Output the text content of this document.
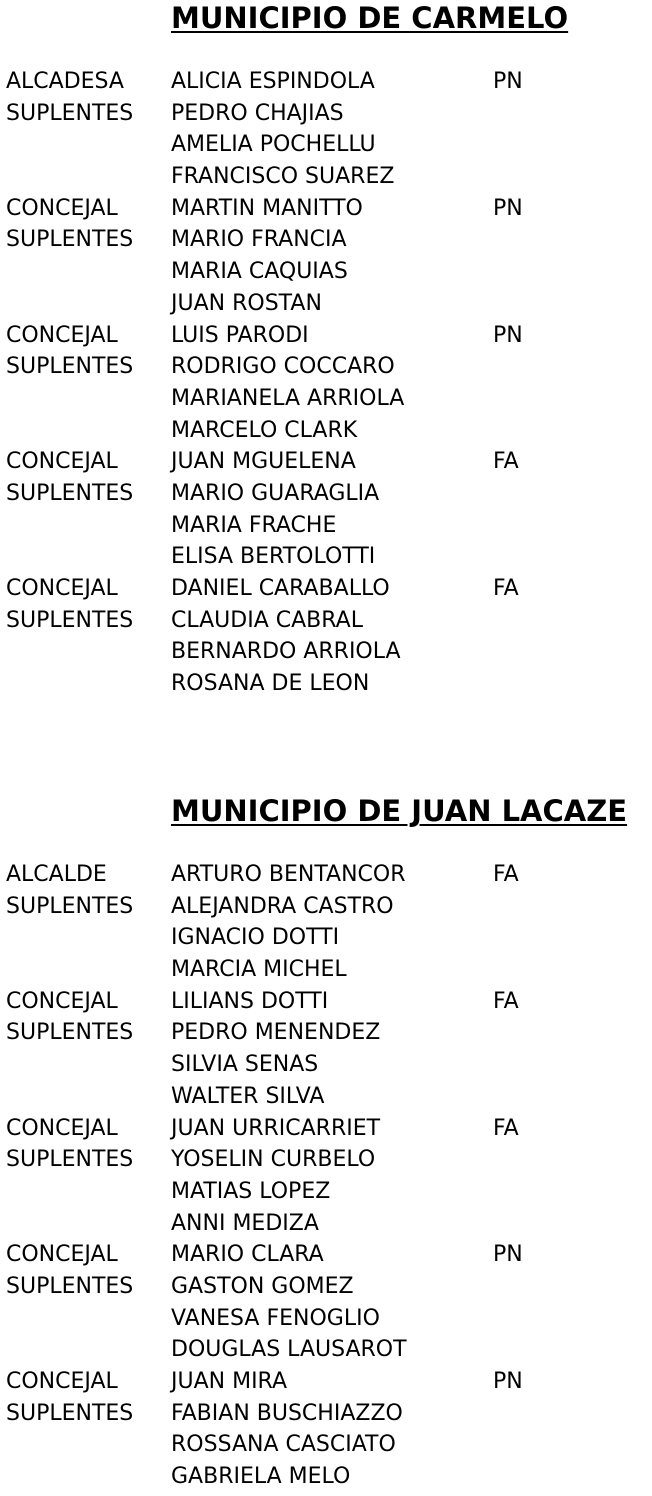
MUNICIPIO DE CARMELO
ALCADESA ALICIA ESPINDOLA	PN
SUPLENTES PEDRO CHAJIAS
AMELIA POCHELLU
FRANCISCO SUAREZ
CONCEJAL MARTIN MANITTO	PN
SUPLENTES MARIO FRANCIA
MARIA CAQUIAS
JUAN ROSTAN
CONCEJAL LUIS PARODI	PN
SUPLENTES RODRIGO COCCARO
MARIANELA ARRIOLA
MARCELO CLARK
CONCEJAL JUAN MGUELENA	FA
SUPLENTES MARIO GUARAGLIA
MARIA FRACHE
ELISA BERTOLOTTI
CONCEJAL DANIEL CARABALLO	FA
SUPLENTES CLAUDIA CABRAL
BERNARDO ARRIOLA
ROSANA DE LEON
MUNICIPIO DE JUAN LACAZE
ALCALDE	ARTURO BENTANCOR	FA
SUPLENTES ALEJANDRA CASTRO
IGNACIO DOTTI
MARCIA MICHEL
CONCEJAL LILIANS DOTTI	FA
SUPLENTES PEDRO MENENDEZ
SILVIA SENAS
WALTER SILVA
CONCEJAL JUAN URRICARRIET	FA
SUPLENTES YOSELIN CURBELO
MATIAS LOPEZ
ANNI MEDIZA
CONCEJAL MARIO CLARA	PN
SUPLENTES GASTON GOMEZ
VANESA FENOGLIO
DOUGLAS LAUSAROT
CONCEJAL JUAN MIRA	PN
SUPLENTES FABIAN BUSCHIAZZO
ROSSANA CASCIATO
GABRIELA MELO
